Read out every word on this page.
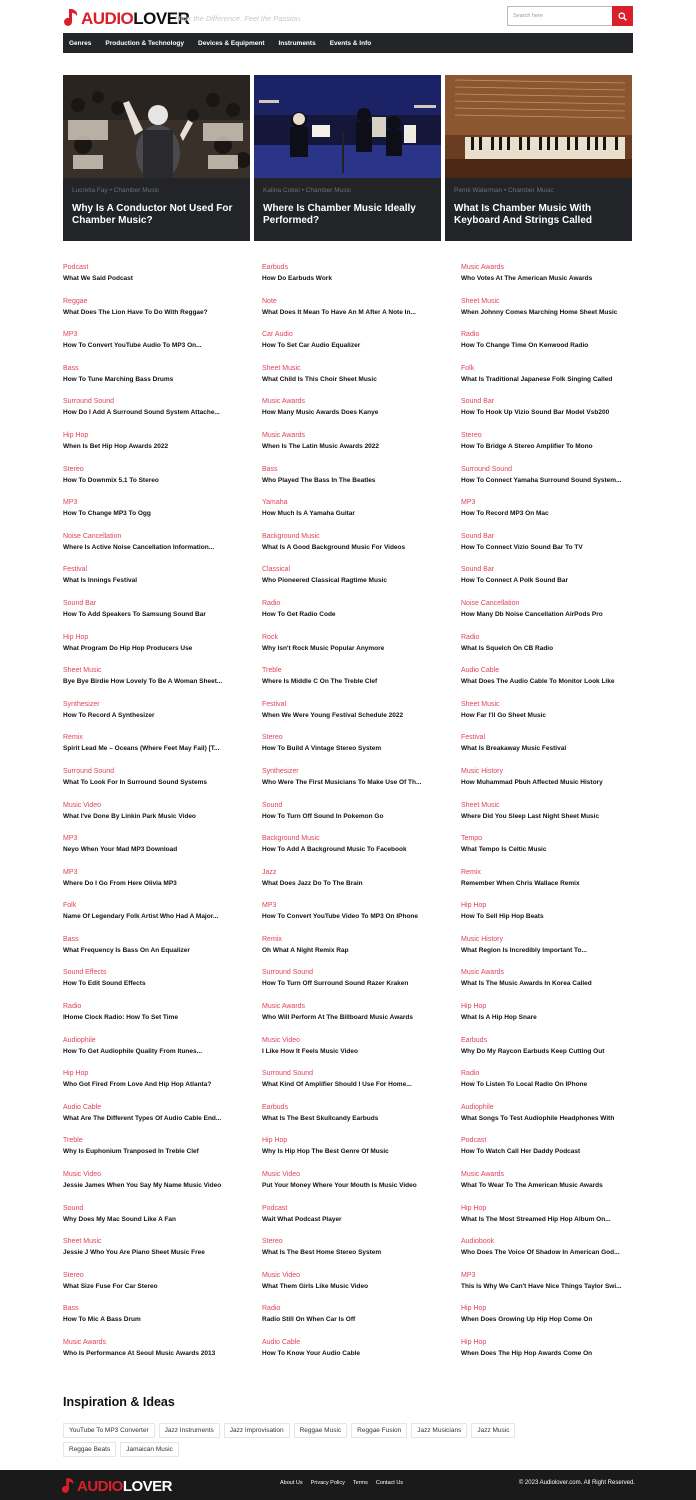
AUDIOLOVER
Hear the Difference. Feel the Passion.
Search here
Genres Production & Technology Devices & Equipment Instruments Events & Info
Lucretia Fay • Chamber Music
Why Is A Conductor Not Used For Chamber Music?
Kalina Cottel • Chamber Music
Where Is Chamber Music Ideally Performed?
Penni Waterman • Chamber Music
What Is Chamber Music With Keyboard And Strings Called
Podcast
What We Said Podcast
Reggae
What Does The Lion Have To Do With Reggae?
MP3
How To Convert YouTube Audio To MP3 On...
Bass
How To Tune Marching Bass Drums
Surround Sound
How Do I Add A Surround Sound System Attache...
Hip Hop
When Is Bet Hip Hop Awards 2022
Stereo
How To Downmix 5.1 To Stereo
MP3
How To Change MP3 To Ogg
Noise Cancellation
Where Is Active Noise Cancellation Information...
Festival
What Is Innings Festival
Sound Bar
How To Add Speakers To Samsung Sound Bar
Hip Hop
What Program Do Hip Hop Producers Use
Sheet Music
Bye Bye Birdie How Lovely To Be A Woman Sheet...
Synthesizer
How To Record A Synthesizer
Remix
Spirit Lead Me – Oceans (Where Feet May Fail) [T...
Surround Sound
What To Look For In Surround Sound Systems
Music Video
What I've Done By Linkin Park Music Video
MP3
Neyo When Your Mad MP3 Download
MP3
Where Do I Go From Here Olivia MP3
Folk
Name Of Legendary Folk Artist Who Had A Major...
Bass
What Frequency Is Bass On An Equalizer
Sound Effects
How To Edit Sound Effects
Radio
IHome Clock Radio: How To Set Time
Audiophile
How To Get Audiophile Quality From Itunes...
Hip Hop
Who Got Fired From Love And Hip Hop Atlanta?
Audio Cable
What Are The Different Types Of Audio Cable End...
Treble
Why Is Euphonium Tranposed In Treble Clef
Music Video
Jessie James When You Say My Name Music Video
Sound
Why Does My Mac Sound Like A Fan
Sheet Music
Jessie J Who You Are Piano Sheet Music Free
Stereo
What Size Fuse For Car Stereo
Bass
How To Mic A Bass Drum
Music Awards
Who Is Performance At Seoul Music Awards 2013
Earbuds
How Do Earbuds Work
Note
What Does It Mean To Have An M After A Note In...
Car Audio
How To Set Car Audio Equalizer
Sheet Music
What Child Is This Choir Sheet Music
Music Awards
How Many Music Awards Does Kanye
Music Awards
When Is The Latin Music Awards 2022
Bass
Who Played The Bass In The Beatles
Yamaha
How Much Is A Yamaha Guitar
Background Music
What Is A Good Background Music For Videos
Classical
Who Pioneered Classical Ragtime Music
Radio
How To Get Radio Code
Rock
Why Isn't Rock Music Popular Anymore
Treble
Where Is Middle C On The Treble Clef
Festival
When We Were Young Festival Schedule 2022
Stereo
How To Build A Vintage Stereo System
Synthesizer
Who Were The First Musicians To Make Use Of Th...
Sound
How To Turn Off Sound In Pokemon Go
Background Music
How To Add A Background Music To Facebook
Jazz
What Does Jazz Do To The Brain
MP3
How To Convert YouTube Video To MP3 On IPhone
Remix
Oh What A Night Remix Rap
Surround Sound
How To Turn Off Surround Sound Razer Kraken
Music Awards
Who Will Perform At The Billboard Music Awards
Music Video
I Like How It Feels Music Video
Surround Sound
What Kind Of Amplifier Should I Use For Home...
Earbuds
What Is The Best Skullcandy Earbuds
Hip Hop
Why Is Hip Hop The Best Genre Of Music
Music Video
Put Your Money Where Your Mouth Is Music Video
Podcast
Wait What Podcast Player
Stereo
What Is The Best Home Stereo System
Music Video
What Them Girls Like Music Video
Radio
Radio Still On When Car Is Off
Audio Cable
How To Know Your Audio Cable
Music Awards
Who Votes At The American Music Awards
Sheet Music
When Johnny Comes Marching Home Sheet Music
Radio
How To Change Time On Kenwood Radio
Folk
What Is Traditional Japanese Folk Singing Called
Sound Bar
How To Hook Up Vizio Sound Bar Model Vsb200
Stereo
How To Bridge A Stereo Amplifier To Mono
Surround Sound
How To Connect Yamaha Surround Sound System...
MP3
How To Record MP3 On Mac
Sound Bar
How To Connect Vizio Sound Bar To TV
Sound Bar
How To Connect A Polk Sound Bar
Noise Cancellation
How Many Db Noise Cancellation AirPods Pro
Radio
What Is Squelch On CB Radio
Audio Cable
What Does The Audio Cable To Monitor Look Like
Sheet Music
How Far I'll Go Sheet Music
Festival
What Is Breakaway Music Festival
Music History
How Muhammad Pbuh Affected Music History
Sheet Music
Where Did You Sleep Last Night Sheet Music
Tempo
What Tempo Is Celtic Music
Remix
Remember When Chris Wallace Remix
Hip Hop
How To Sell Hip Hop Beats
Music History
What Region Is Incredibly Important To...
Music Awards
What Is The Music Awards In Korea Called
Hip Hop
What Is A Hip Hop Snare
Earbuds
Why Do My Raycon Earbuds Keep Cutting Out
Radio
How To Listen To Local Radio On IPhone
Audiophile
What Songs To Test Audiophile Headphones With
Podcast
How To Watch Call Her Daddy Podcast
Music Awards
What To Wear To The American Music Awards
Hip Hop
What Is The Most Streamed Hip Hop Album On...
Audiobook
Who Does The Voice Of Shadow In American God...
MP3
This Is Why We Can't Have Nice Things Taylor Swi...
Hip Hop
When Does Growing Up Hip Hop Come On
Hip Hop
When Does The Hip Hop Awards Come On
Inspiration & Ideas
YouTube To MP3 Converter	Jazz Instruments	Jazz Improvisation	Reggae Music	Reggae Fusion	Jazz Musicians	Jazz Music
Reggae Beats	Jamaican Music
AUDIOLOVER	About Us Privacy Policy Terms Contact Us	© 2023 Audiolover.com. All Right Reserved.
